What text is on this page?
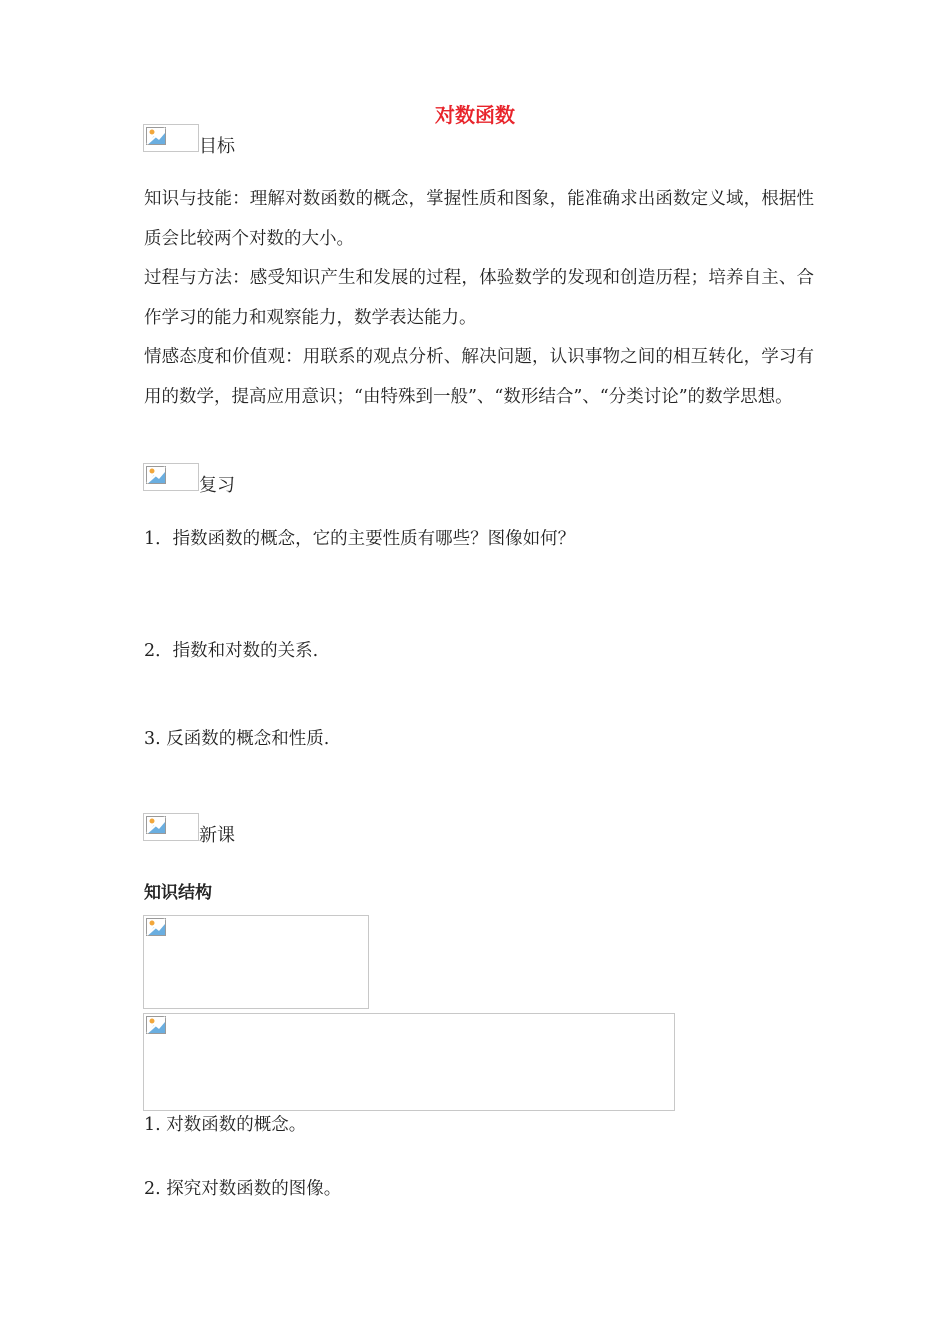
对数函数
目标
知识与技能：理解对数函数的概念，掌握性质和图象，能准确求出函数定义域，根据性质会比较两个对数的大小。
过程与方法：感受知识产生和发展的过程，体验数学的发现和创造历程；培养自主、合作学习的能力和观察能力，数学表达能力。
情感态度和价值观：用联系的观点分析、解决问题，认识事物之间的相互转化，学习有用的数学，提高应用意识；“由特殊到一般”、“数形结合”、“分类讨论”的数学思想。
复习
1．指数函数的概念，它的主要性质有哪些？图像如何？
2．指数和对数的关系.
3. 反函数的概念和性质.
新课
知识结构
1. 对数函数的概念。
2. 探究对数函数的图像。
